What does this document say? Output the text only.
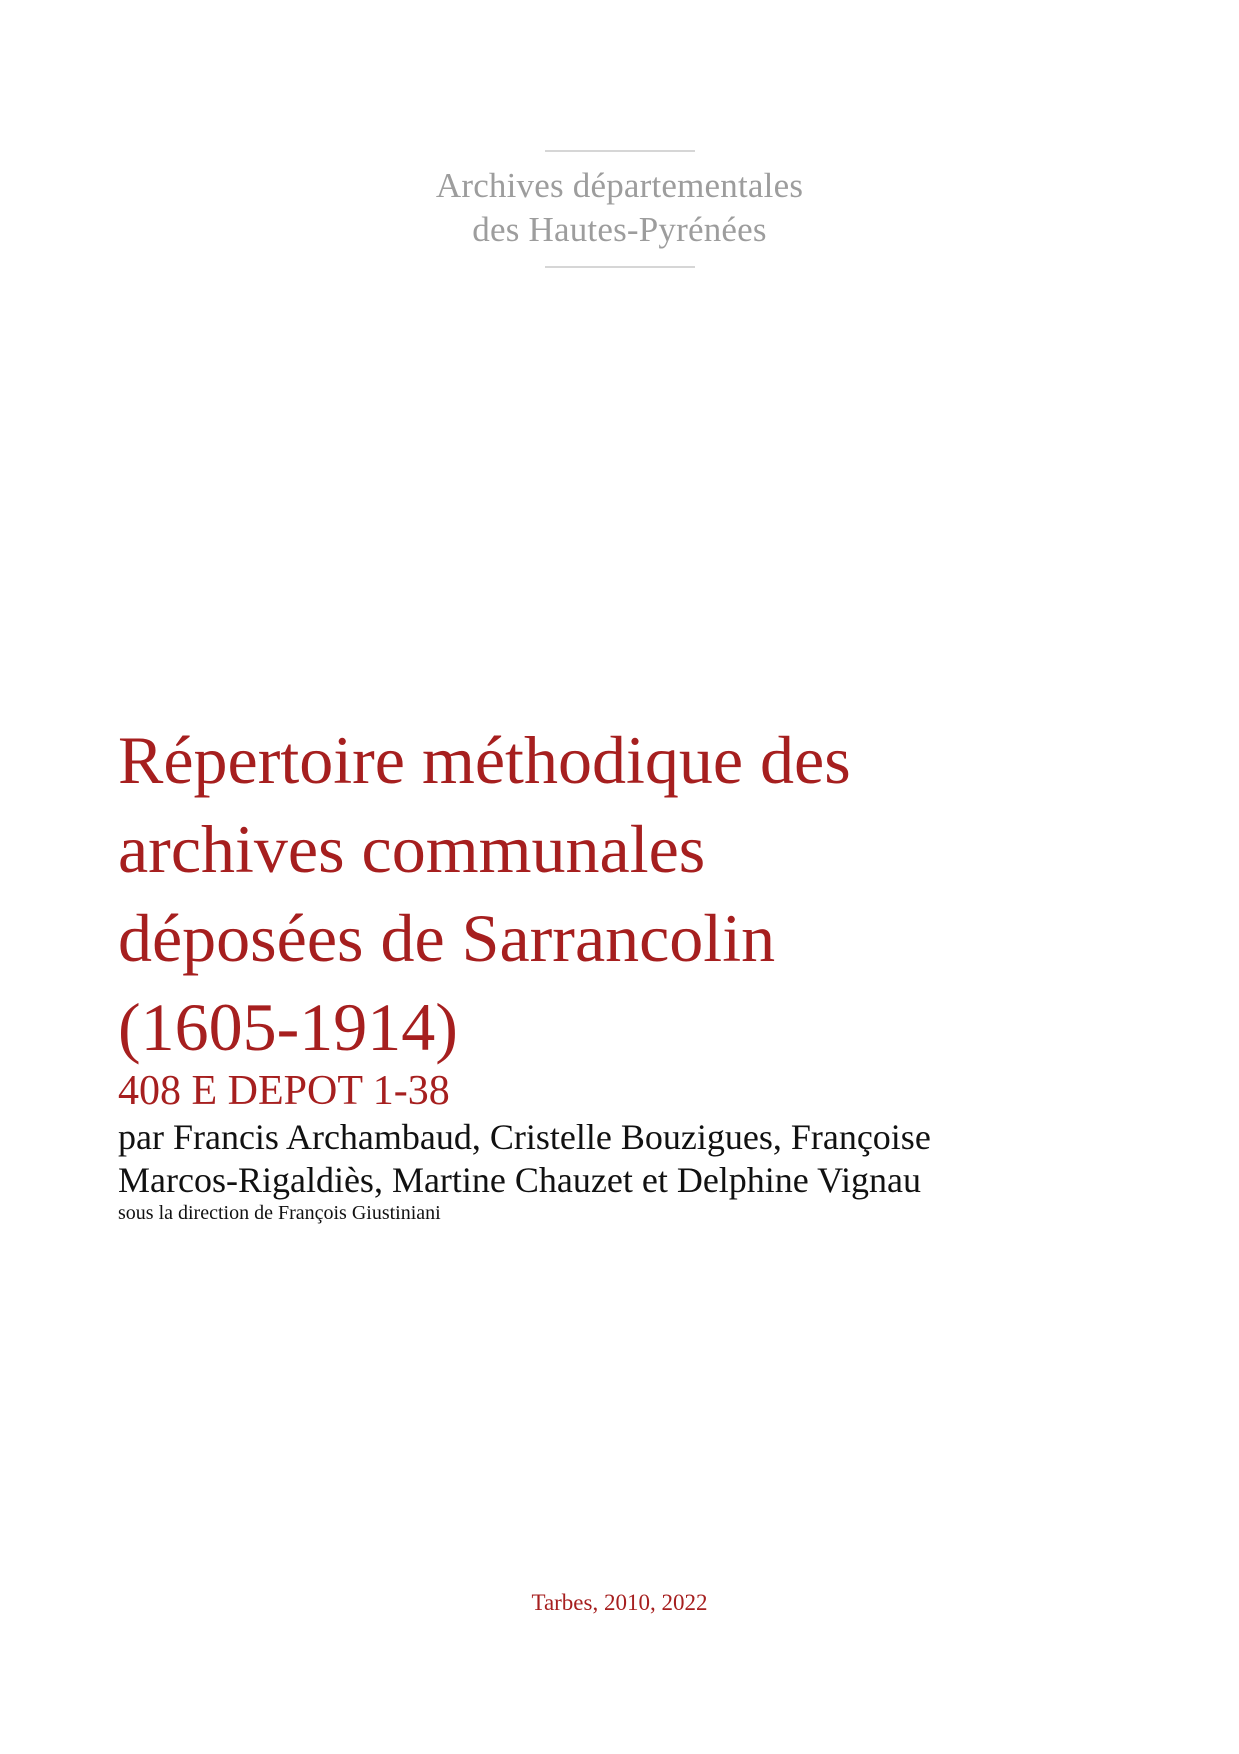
Archives départementales
des Hautes-Pyrénées
Répertoire méthodique des
archives communales
déposées de Sarrancolin
(1605-1914)
408 E DEPOT 1-38
par Francis Archambaud, Cristelle Bouzigues, Françoise
Marcos-Rigaldiès, Martine Chauzet et Delphine Vignau
sous la direction de François Giustiniani
Tarbes, 2010, 2022
